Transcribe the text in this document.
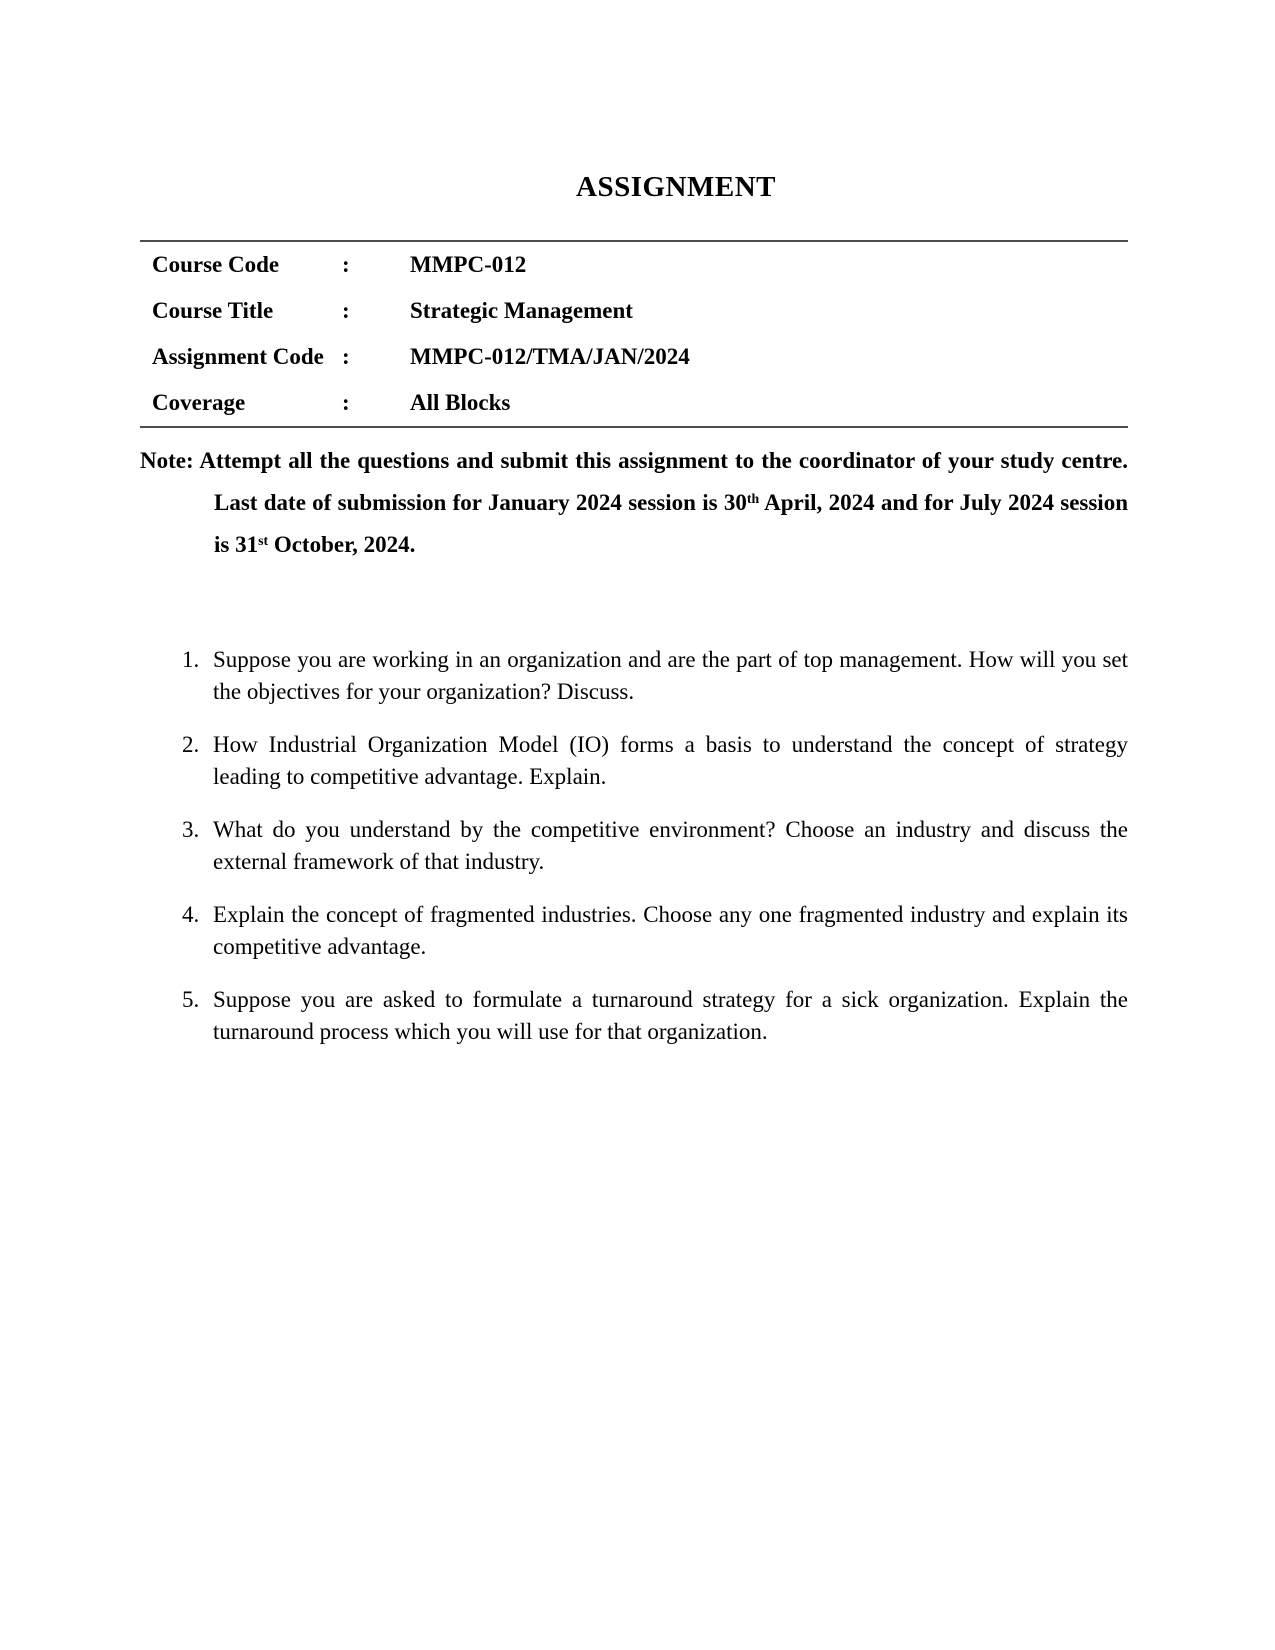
ASSIGNMENT
Course Code	:	MMPC-012
Course Title	:	Strategic Management
Assignment Code :	MMPC-012/TMA/JAN/2024
Coverage	:	All Blocks

Note: Attempt all the questions and submit this assignment to the coordinator of your study centre. Last date of submission for January 2024 session is 30th April, 2024 and for July 2024 session is 31st October, 2024.

1. Suppose you are working in an organization and are the part of top management. How will you set the objectives for your organization? Discuss.
2. How Industrial Organization Model (IO) forms a basis to understand the concept of strategy leading to competitive advantage. Explain.
3. What do you understand by the competitive environment? Choose an industry and discuss the external framework of that industry.
4. Explain the concept of fragmented industries. Choose any one fragmented industry and explain its competitive advantage.
5. Suppose you are asked to formulate a turnaround strategy for a sick organization. Explain the turnaround process which you will use for that organization.
